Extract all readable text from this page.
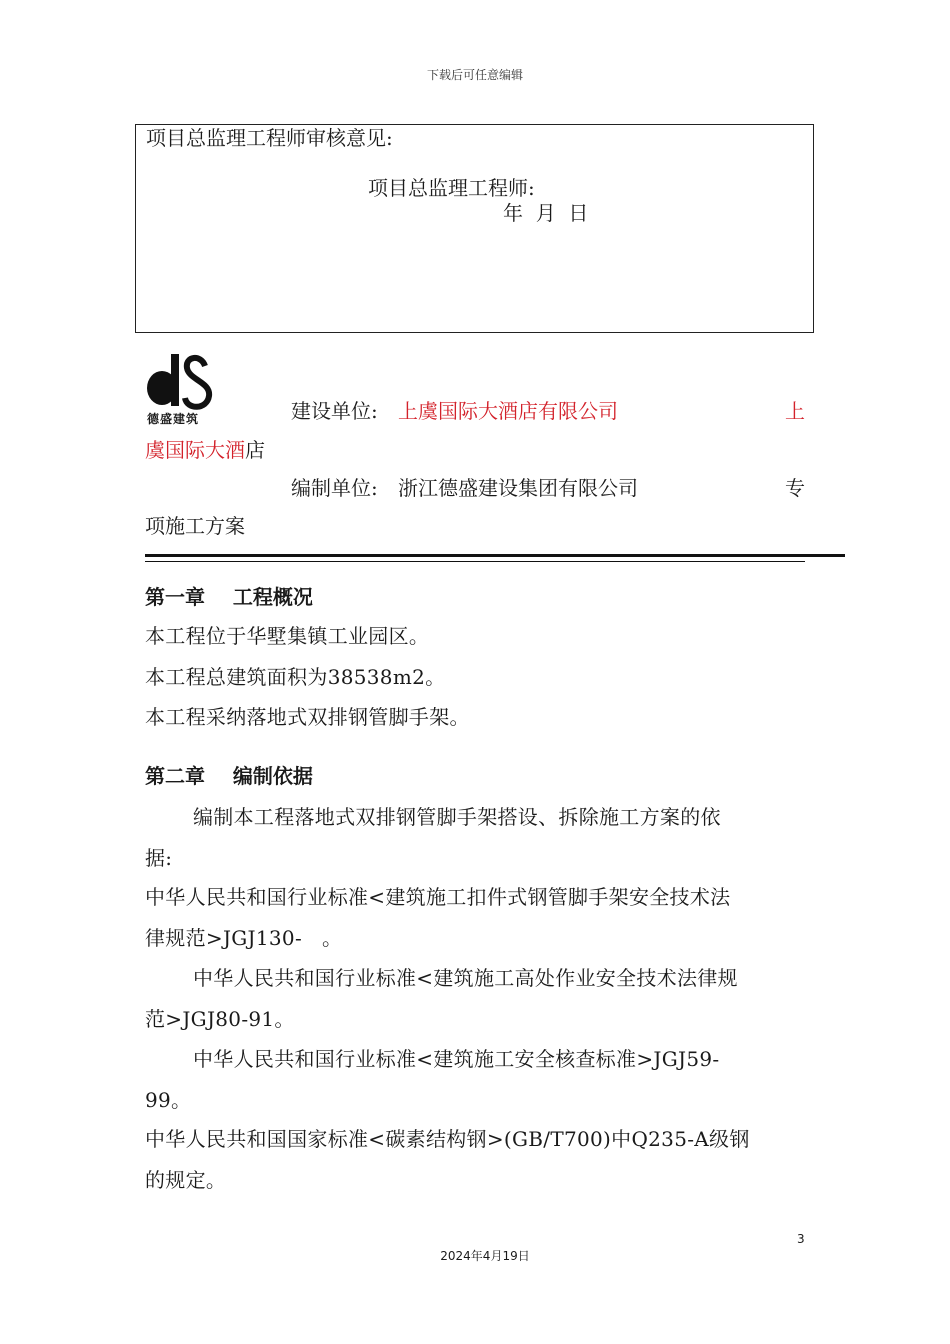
下载后可任意编辑
项目总监理工程师审核意见:
项目总监理工程师:
年  月  日
德盛建筑	建设单位: 上虞国际大酒店有限公司	上
虞国际大酒店
编制单位: 浙江德盛建设集团有限公司	专
项施工方案
第一章    工程概况
本工程位于华墅集镇工业园区。
本工程总建筑面积为38538m2。
本工程采纳落地式双排钢管脚手架。
第二章    编制依据
编制本工程落地式双排钢管脚手架搭设、拆除施工方案的依
据:
中华人民共和国行业标准<建筑施工扣件式钢管脚手架安全技术法
律规范>JGJ130-   。
中华人民共和国行业标准<建筑施工高处作业安全技术法律规
范>JGJ80-91。
中华人民共和国行业标准<建筑施工安全核查标准>JGJ59-
99。
中华人民共和国国家标准<碳素结构钢>(GB/T700)中Q235-A级钢
的规定。
3
2024年4月19日
